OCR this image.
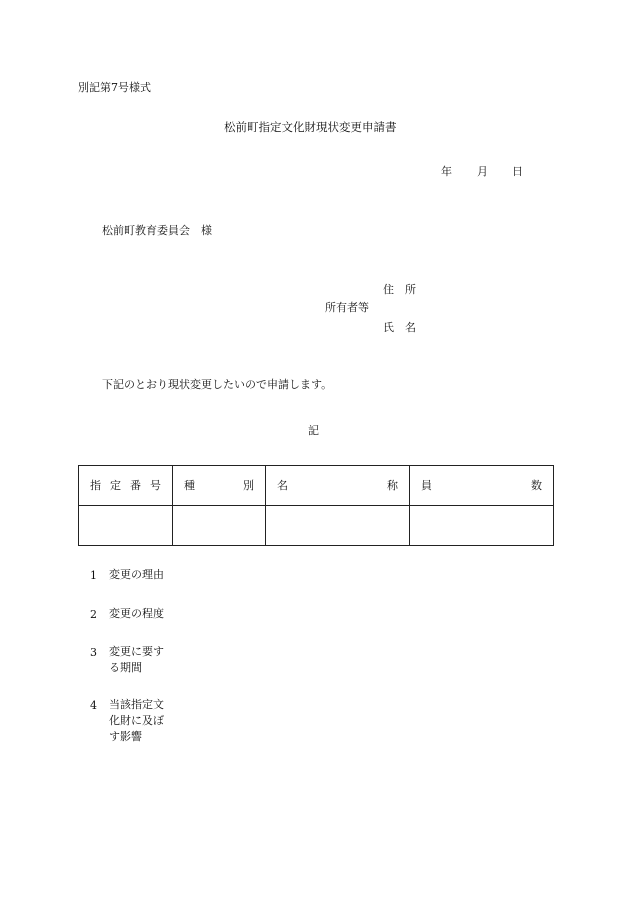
別記第7号様式
松前町指定文化財現状変更申請書
年 月 日
松前町教育委員会　様
住　所
所有者等
氏　名
下記のとおり現状変更したいので申請します。
記
指 定 番 号	種 別	名 称	員 数

1 変更の理由
2 変更の程度
3 変更に要する期間
4 当該指定文化財に及ぼす影響
